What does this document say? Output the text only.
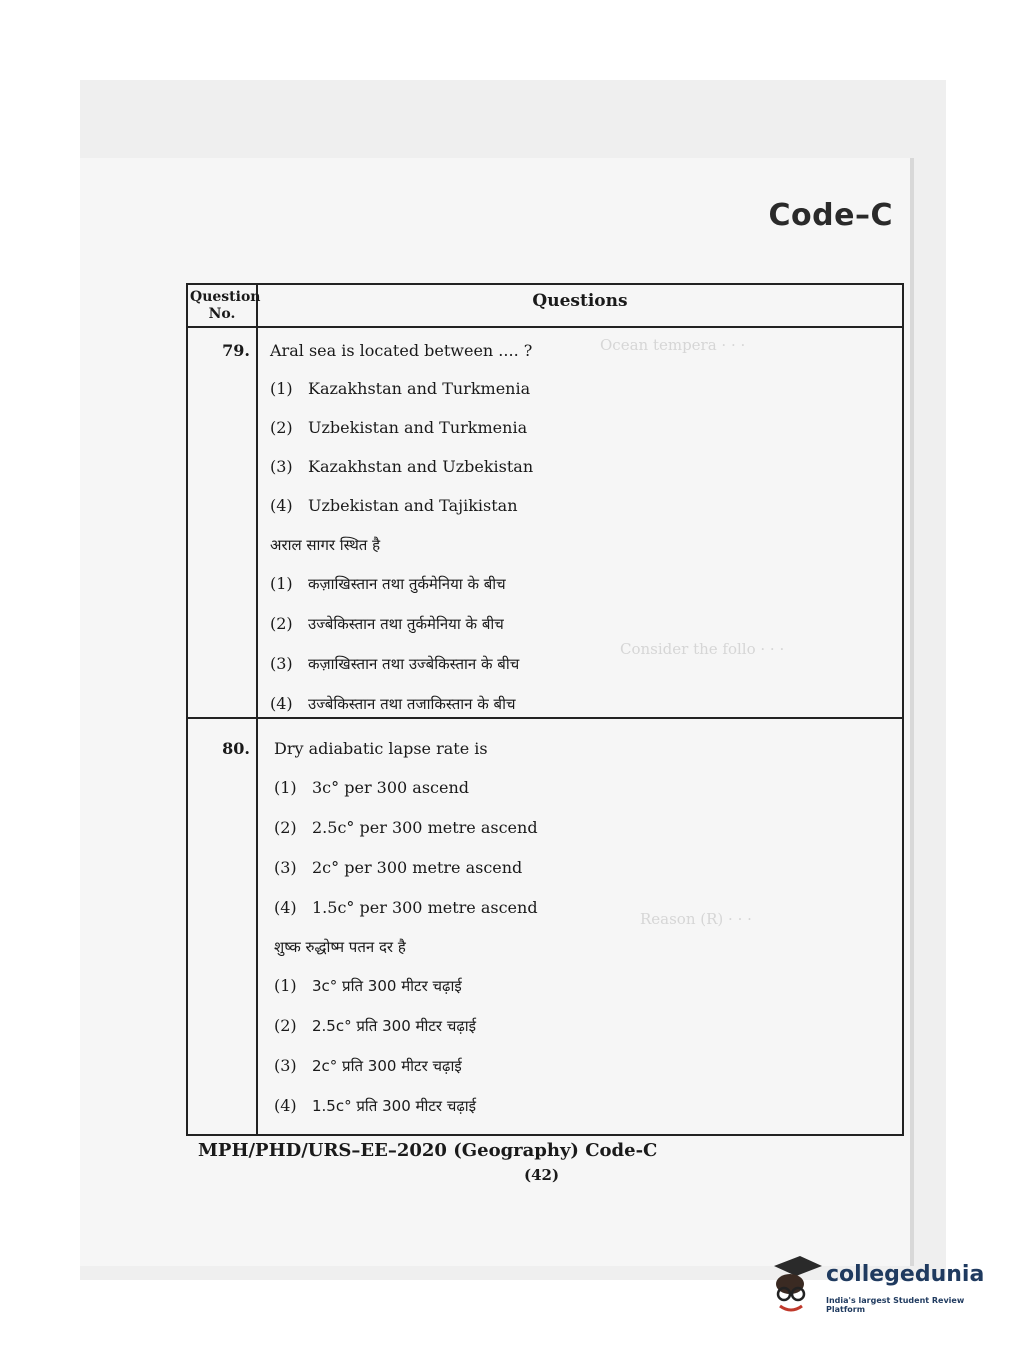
Ocean tempera · · ·
Consider the follo · · ·
Reason (R) · · ·
Code–C
Question
No.
Questions
79. Aral sea is located between .... ?
(1) Kazakhstan and Turkmenia
(2) Uzbekistan and Turkmenia
(3) Kazakhstan and Uzbekistan
(4) Uzbekistan and Tajikistan
अराल सागर स्थित है
(1) कज़ाखिस्तान तथा तुर्कमेनिया के बीच
(2) उज्बेकिस्तान तथा तुर्कमेनिया के बीच
(3) कज़ाखिस्तान तथा उज्बेकिस्तान के बीच
(4) उज्बेकिस्तान तथा तजाकिस्तान के बीच
80. Dry adiabatic lapse rate is
(1) 3c° per 300 ascend
(2) 2.5c° per 300 metre ascend
(3) 2c° per 300 metre ascend
(4) 1.5c° per 300 metre ascend
शुष्क रुद्धोष्म पतन दर है
(1) 3c° प्रति 300 मीटर चढ़ाई
(2) 2.5c° प्रति 300 मीटर चढ़ाई
(3) 2c° प्रति 300 मीटर चढ़ाई
(4) 1.5c° प्रति 300 मीटर चढ़ाई
MPH/PHD/URS–EE–2020 (Geography) Code-C
(42)
collegedunia
India's largest Student Review Platform
